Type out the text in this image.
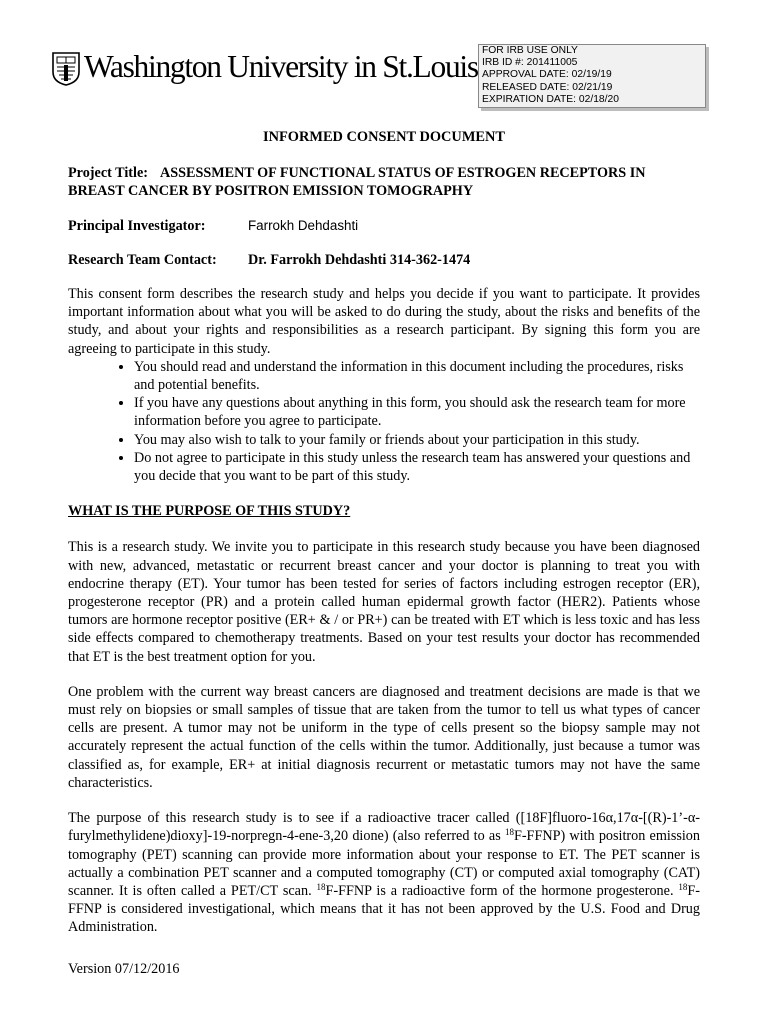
Washington University in St.Louis FOR IRB USE ONLY
IRB ID #: 201411005
APPROVAL DATE: 02/19/19
RELEASED DATE: 02/21/19
EXPIRATION DATE: 02/18/20
INFORMED CONSENT DOCUMENT
Project Title: ASSESSMENT OF FUNCTIONAL STATUS OF ESTROGEN RECEPTORS IN BREAST CANCER BY POSITRON EMISSION TOMOGRAPHY
Principal Investigator:	Farrokh Dehdashti
Research Team Contact:	Dr. Farrokh Dehdashti 314-362-1474

This consent form describes the research study and helps you decide if you want to participate. It provides important information about what you will be asked to do during the study, about the risks and benefits of the study, and about your rights and responsibilities as a research participant. By signing this form you are agreeing to participate in this study.

• You should read and understand the information in this document including the procedures, risks and potential benefits.
• If you have any questions about anything in this form, you should ask the research team for more information before you agree to participate.
• You may also wish to talk to your family or friends about your participation in this study.
• Do not agree to participate in this study unless the research team has answered your questions and you decide that you want to be part of this study.
WHAT IS THE PURPOSE OF THIS STUDY?

This is a research study. We invite you to participate in this research study because you have been diagnosed with new, advanced, metastatic or recurrent breast cancer and your doctor is planning to treat you with endocrine therapy (ET). Your tumor has been tested for series of factors including estrogen receptor (ER), progesterone receptor (PR) and a protein called human epidermal growth factor (HER2). Patients whose tumors are hormone receptor positive (ER+ & / or PR+) can be treated with ET which is less toxic and has less side effects compared to chemotherapy treatments. Based on your test results your doctor has recommended that ET is the best treatment option for you.

One problem with the current way breast cancers are diagnosed and treatment decisions are made is that we must rely on biopsies or small samples of tissue that are taken from the tumor to tell us what types of cancer cells are present. A tumor may not be uniform in the type of cells present so the biopsy sample may not accurately represent the actual function of the cells within the tumor. Additionally, just because a tumor was classified as, for example, ER+ at initial diagnosis recurrent or metastatic tumors may not have the same characteristics.

The purpose of this research study is to see if a radioactive tracer called ([18F]fluoro-16α,17α-[(R)-1’-α-furylmethylidene)dioxy]-19-norpregn-4-ene-3,20 dione) (also referred to as $^{18}$F-FFNP) with positron emission tomography (PET) scanning can provide more information about your response to ET. The PET scanner is actually a combination PET scanner and a computed tomography (CT) or computed axial tomography (CAT) scanner. It is often called a PET/CT scan. $^{18}$F-FFNP is a radioactive form of the hormone progesterone. $^{18}$F-FFNP is considered investigational, which means that it has not been approved by the U.S. Food and Drug Administration.

Version 07/12/2016
